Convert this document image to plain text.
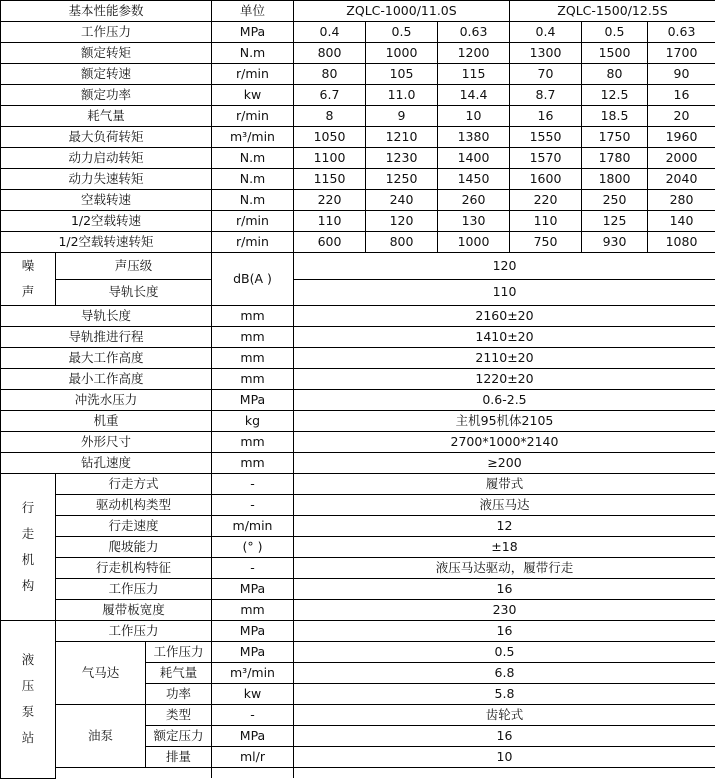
基本性能参数			单位	ZQLC-1000/11.0S			ZQLC-1500/12.5S		
工作压力			MPa	0.4	0.5	0.63	0.4	0.5	0.63
额定转矩			N.m	800	1000	1200	1300	1500	1700
额定转速			r/min	80	105	115	70	80	90
额定功率			kw	6.7	11.0	14.4	8.7	12.5	16
耗气量			r/min	8	9	10	16	18.5	20
最大负荷转矩			m³/min	1050	1210	1380	1550	1750	1960
动力启动转矩			N.m	1100	1230	1400	1570	1780	2000
动力失速转矩			N.m	1150	1250	1450	1600	1800	2040
空载转速			N.m	220	240	260	220	250	280
1/2空载转速			r/min	110	120	130	110	125	140
1/2空载转速转矩			r/min	600	800	1000	750	930	1080

噪声	声压级		dB(A )	120					
	导轨长度			110					
导轨长度			mm	2160±20					
导轨推进行程			mm	1410±20					
最大工作高度			mm	2110±20					
最小工作高度			mm	1220±20					
冲洗水压力			MPa	0.6-2.5					
机重			kg	主机95机体2105					
外形尺寸			mm	2700*1000*2140					
钻孔速度			mm	≥200					

行走机构	行走方式		-	履带式					
	驱动机构类型		-	液压马达					
	行走速度		m/min	12					
	爬坡能力		(° )	±18					
	行走机构特征		-	液压马达驱动，履带行走					
	工作压力		MPa	16					
	履带板宽度		mm	230					

液压泵站	工作压力		MPa	16					
	气马达	工作压力	MPa	0.5					
		耗气量	m³/min	6.8					
		功率	kw	5.8					
	油泵	类型	-	齿轮式					
		额定压力	MPa	16					
		排量	ml/r	10					
